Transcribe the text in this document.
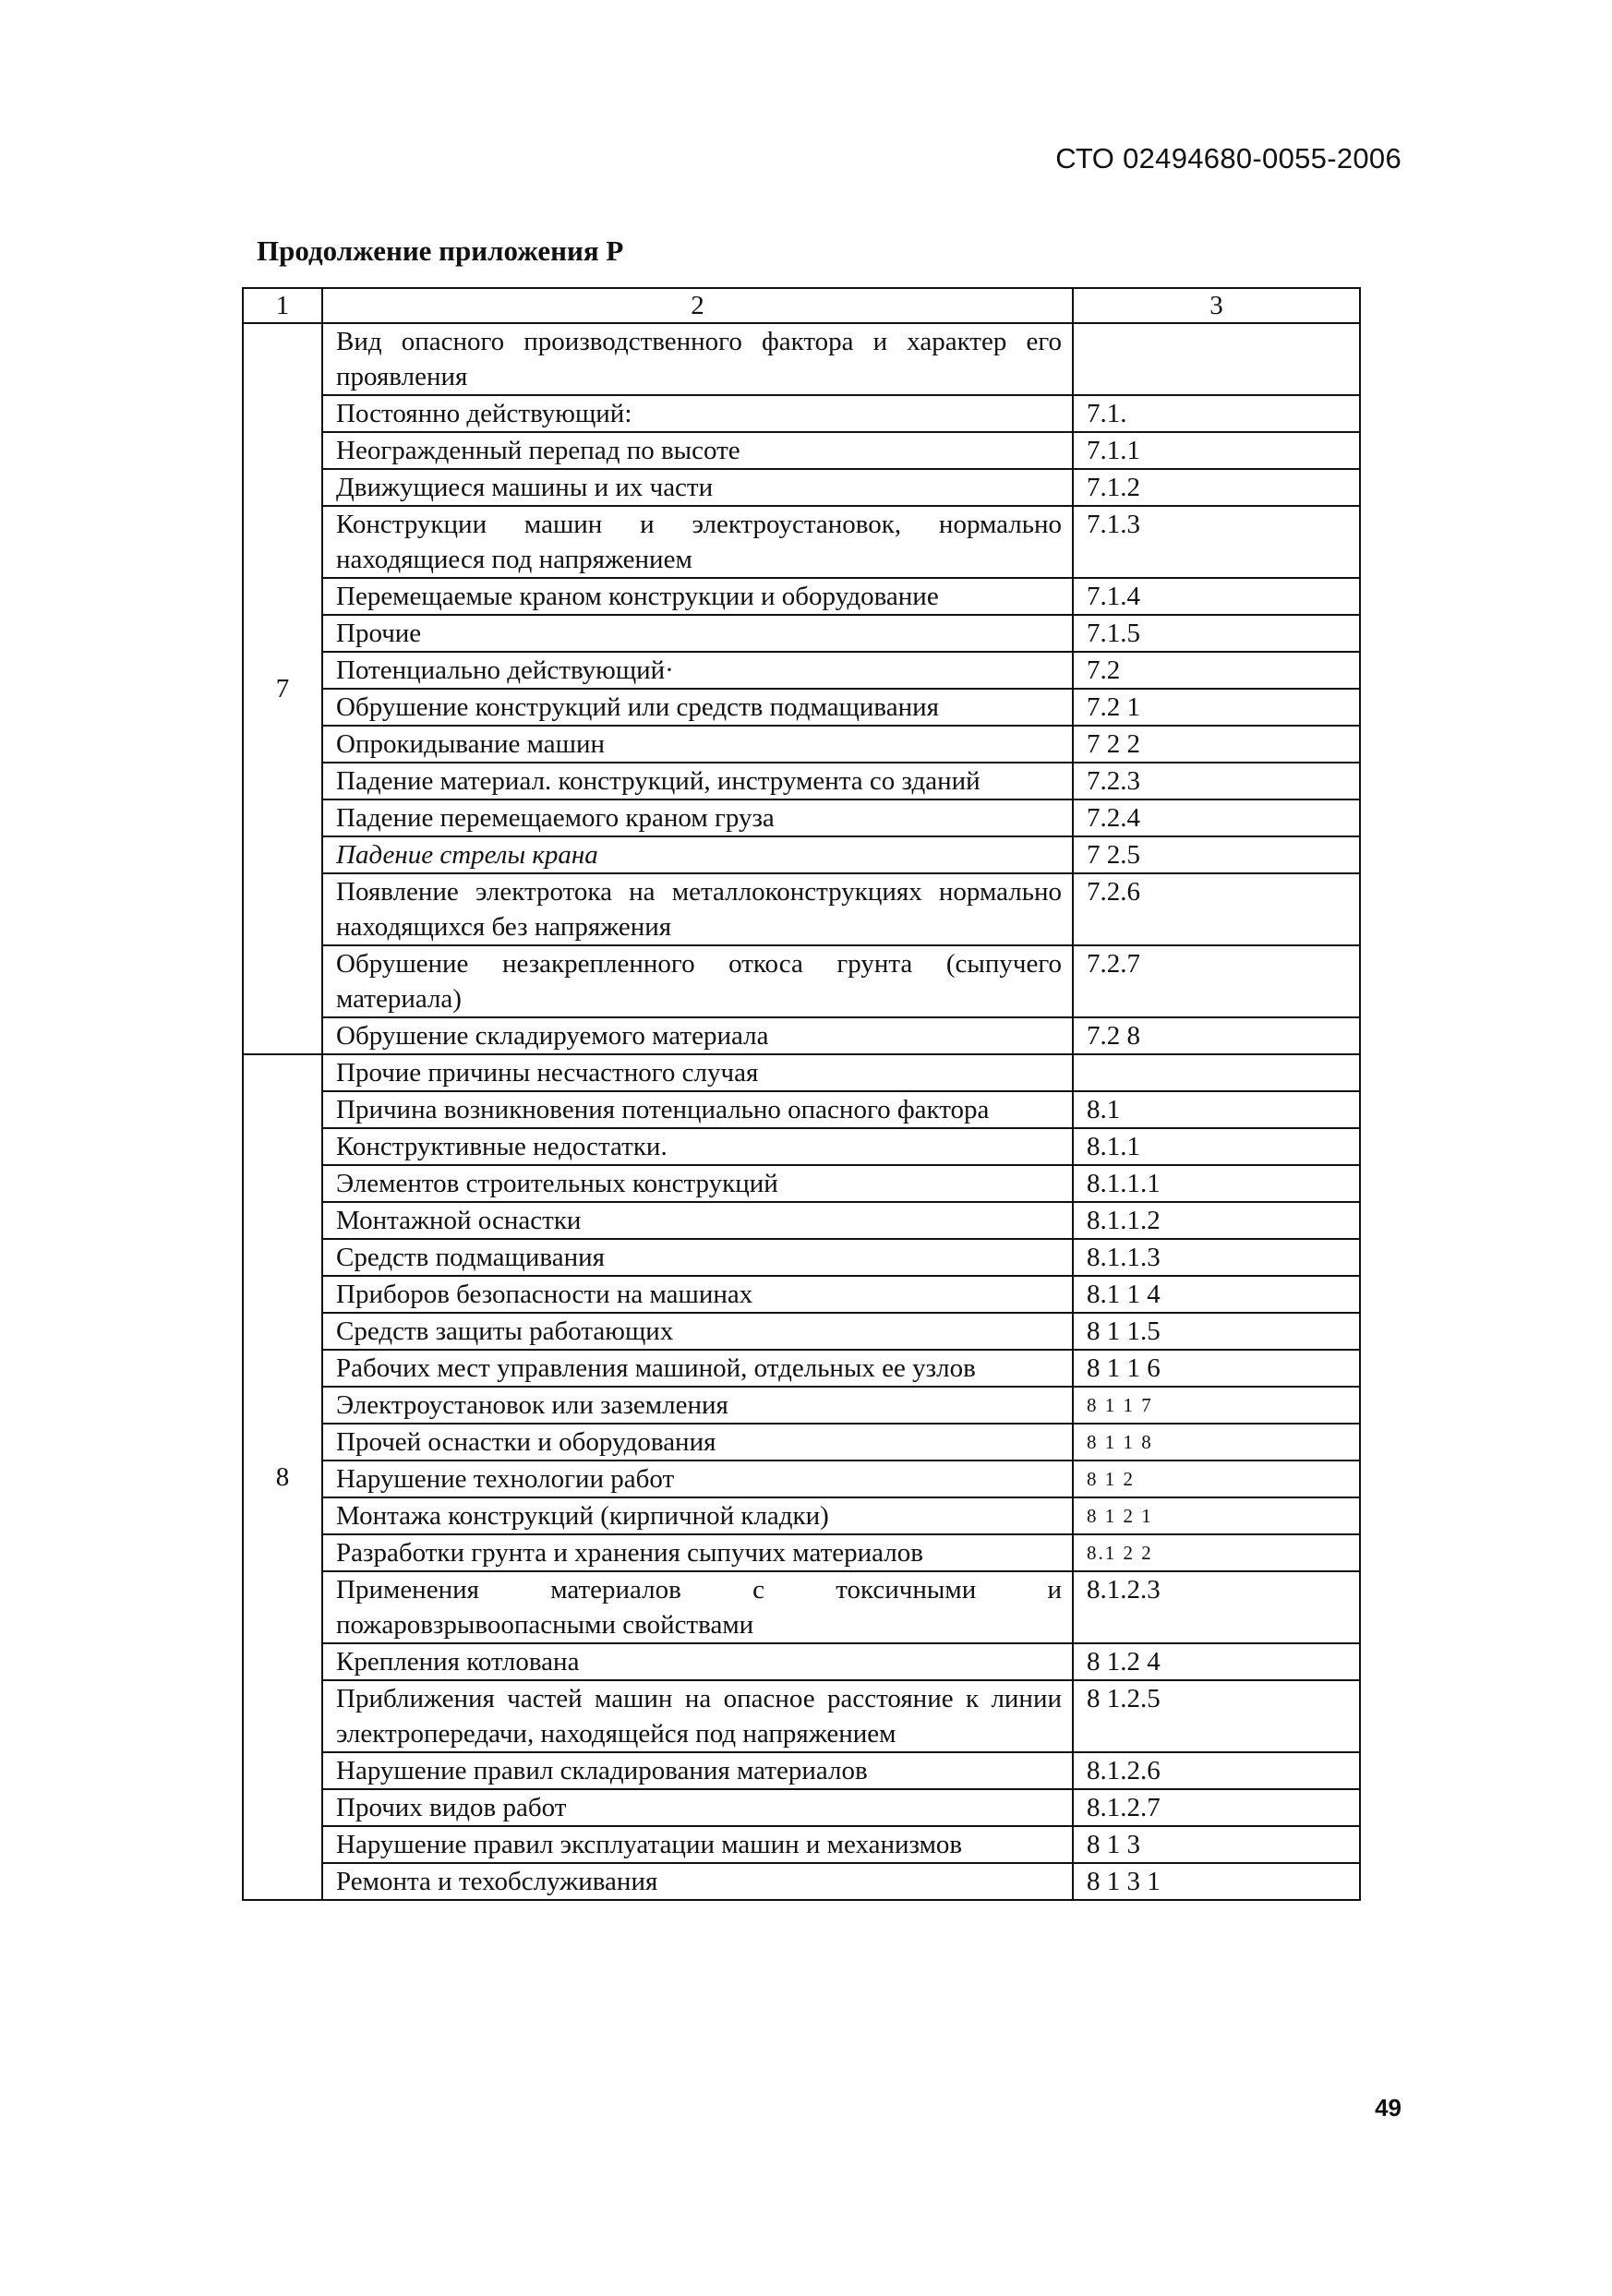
СТО 02494680-0055-2006
Продолжение приложения Р
1	2	3
7	Вид опасного производственного фактора и характер его проявления	
	Постоянно действующий:	7.1.
	Неогражденный перепад по высоте	7.1.1
	Движущиеся машины и их части	7.1.2
	Конструкции машин и электроустановок, нормально находящиеся под напряжением	7.1.3
	Перемещаемые краном конструкции и оборудование	7.1.4
	Прочие	7.1.5
	Потенциально действующий·	7.2
	Обрушение конструкций или средств подмащивания	7.2 1
	Опрокидывание машин	7 2 2
	Падение материал. конструкций, инструмента со зданий	7.2.3
	Падение перемещаемого краном груза	7.2.4
	Падение стрелы крана	7 2.5
	Появление электротока на металлоконструкциях нормально находящихся без напряжения	7.2.6
	Обрушение незакрепленного откоса грунта (сыпучего материала)	7.2.7
	Обрушение складируемого материала	7.2 8
8	Прочие причины несчастного случая	
	Причина возникновения потенциально опасного фактора	8.1
	Конструктивные недостатки.	8.1.1
	Элементов строительных конструкций	8.1.1.1
	Монтажной оснастки	8.1.1.2
	Средств подмащивания	8.1.1.3
	Приборов безопасности на машинах	8.1 1 4
	Средств защиты работающих	8 1 1.5
	Рабочих мест управления машиной, отдельных ее узлов	8 1 1 6
	Электроустановок или заземления	8 1 1 7
	Прочей оснастки и оборудования	8 1 1 8
	Нарушение технологии работ	8 1 2
	Монтажа конструкций (кирпичной кладки)	8 1 2 1
	Разработки грунта и хранения сыпучих материалов	8.1 2 2
	Применения материалов с токсичными и пожаровзрывоопасными свойствами	8.1.2.3
	Крепления котлована	8 1.2 4
	Приближения частей машин на опасное расстояние к линии электропередачи, находящейся под напряжением	8 1.2.5
	Нарушение правил складирования материалов	8.1.2.6
	Прочих видов работ	8.1.2.7
	Нарушение правил эксплуатации машин и механизмов	8 1 3
	Ремонта и техобслуживания	8 1 3 1
49
